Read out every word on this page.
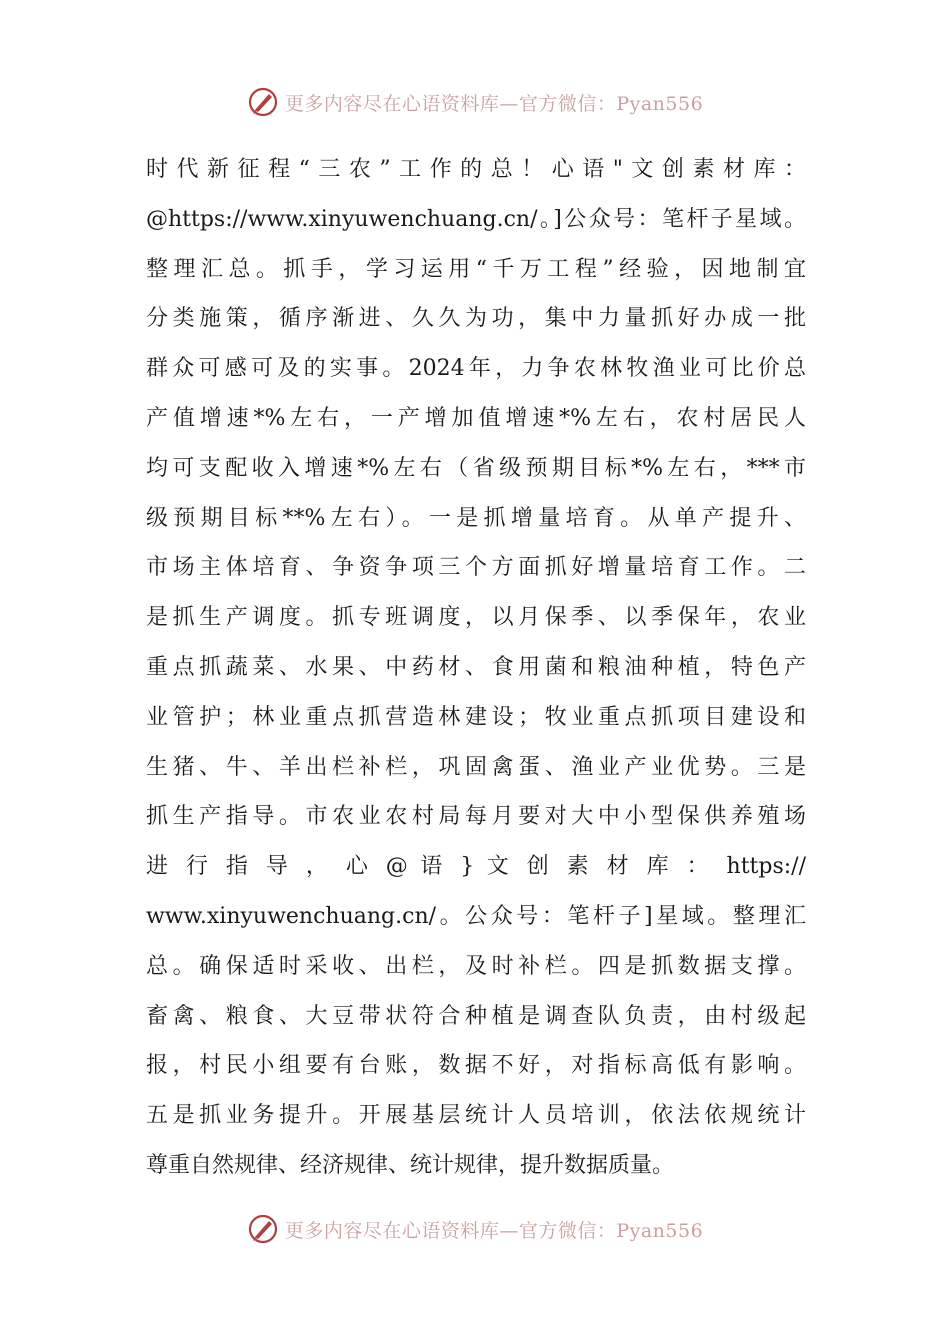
更多内容尽在心语资料库—官方微信：Pyan556
时代新征程“三农”工作的总！心语"文创素材库：
@https://www.xinyuwenchuang.cn/。]公众号：笔杆子星域。
整理汇总。抓手，学习运用“千万工程”经验，因地制宜
分类施策，循序渐进、久久为功，集中力量抓好办成一批
群众可感可及的实事。2024年，力争农林牧渔业可比价总
产值增速*%左右，一产增加值增速*%左右，农村居民人
均可支配收入增速*%左右（省级预期目标*%左右，***市
级预期目标**%左右）。一是抓增量培育。从单产提升、
市场主体培育、争资争项三个方面抓好增量培育工作。二
是抓生产调度。抓专班调度，以月保季、以季保年，农业
重点抓蔬菜、水果、中药材、食用菌和粮油种植，特色产
业管护；林业重点抓营造林建设；牧业重点抓项目建设和
生猪、牛、羊出栏补栏，巩固禽蛋、渔业产业优势。三是
抓生产指导。市农业农村局每月要对大中小型保供养殖场
进 行 指 导 ， 心 @ 语 } 文 创 素 材 库 ： https://
www.xinyuwenchuang.cn/。公众号：笔杆子]星域。整理汇
总。确保适时采收、出栏，及时补栏。四是抓数据支撑。
畜禽、粮食、大豆带状符合种植是调查队负责，由村级起
报，村民小组要有台账，数据不好，对指标高低有影响。
五是抓业务提升。开展基层统计人员培训，依法依规统计
尊重自然规律、经济规律、统计规律，提升数据质量。
更多内容尽在心语资料库—官方微信：Pyan556
